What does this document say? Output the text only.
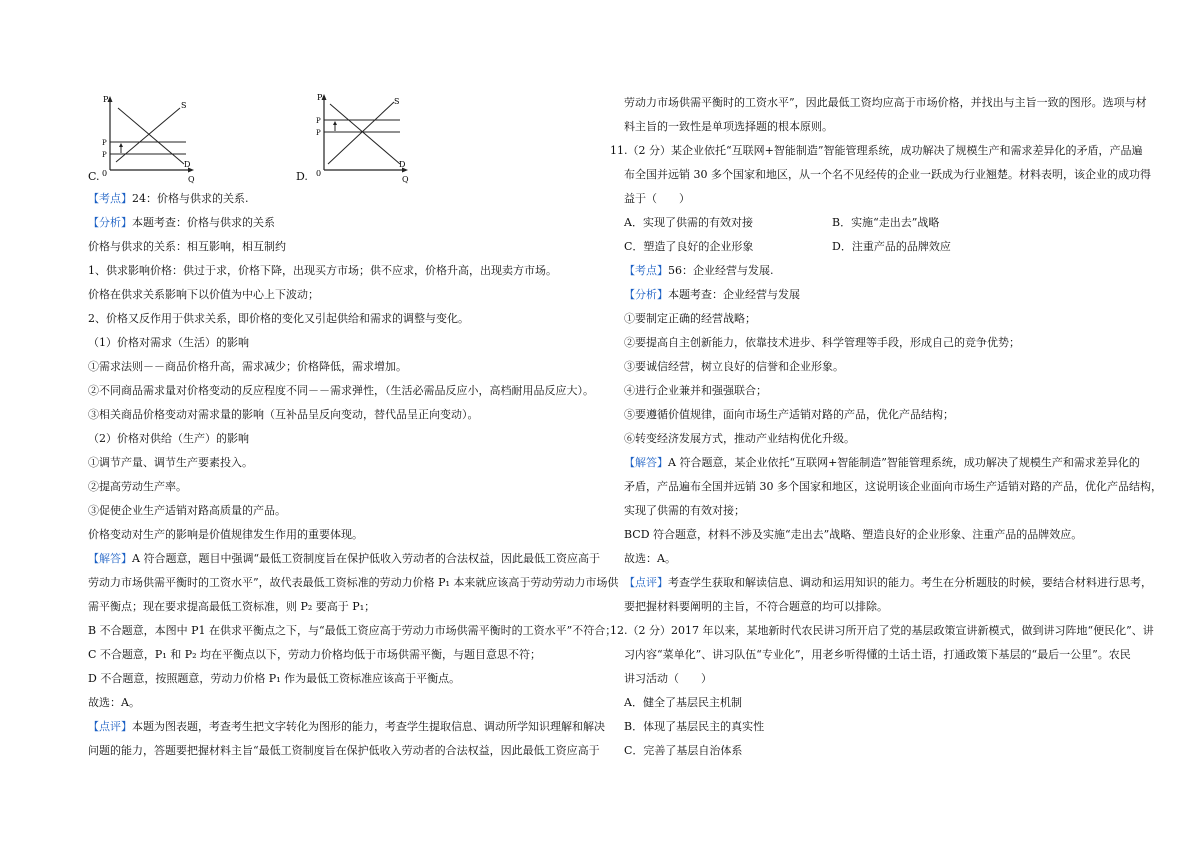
P
Q
0
S
D
P
P
C.
P
Q
0
S
D
P
P
D.
【考点】24：价格与供求的关系.
【分析】本题考查：价格与供求的关系
价格与供求的关系：相互影响，相互制约
1、供求影响价格：供过于求，价格下降，出现买方市场；供不应求，价格升高，出现卖方市场。
价格在供求关系影响下以价值为中心上下波动；
2、价格又反作用于供求关系，即价格的变化又引起供给和需求的调整与变化。
（1）价格对需求（生活）的影响
①需求法则－－商品价格升高，需求减少；价格降低，需求增加。
②不同商品需求量对价格变动的反应程度不同－－需求弹性，（生活必需品反应小，高档耐用品反应大）。
③相关商品价格变动对需求量的影响（互补品呈反向变动，替代品呈正向变动）。
（2）价格对供给（生产）的影响
①调节产量、调节生产要素投入。
②提高劳动生产率。
③促使企业生产适销对路高质量的产品。
价格变动对生产的影响是价值规律发生作用的重要体现。
【解答】A 符合题意，题目中强调“最低工资制度旨在保护低收入劳动者的合法权益，因此最低工资应高于
劳动力市场供需平衡时的工资水平”，故代表最低工资标准的劳动力价格 P₁ 本来就应该高于劳动劳动力市场供
需平衡点；现在要求提高最低工资标准，则 P₂ 要高于 P₁；
B 不合题意，本图中 P1 在供求平衡点之下，与“最低工资应高于劳动力市场供需平衡时的工资水平”不符合；
C 不合题意，P₁ 和 P₂ 均在平衡点以下，劳动力价格均低于市场供需平衡，与题目意思不符；
D 不合题意，按照题意，劳动力价格 P₁ 作为最低工资标准应该高于平衡点。
故选：A。
【点评】本题为图表题，考查考生把文字转化为图形的能力，考查学生提取信息、调动所学知识理解和解决
问题的能力，答题要把握材料主旨“最低工资制度旨在保护低收入劳动者的合法权益，因此最低工资应高于
劳动力市场供需平衡时的工资水平”，因此最低工资均应高于市场价格，并找出与主旨一致的图形。选项与材
料主旨的一致性是单项选择题的根本原则。
11.（2 分）某企业依托“互联网+智能制造”智能管理系统，成功解决了规模生产和需求差异化的矛盾，产品遍
布全国并远销 30 多个国家和地区，从一个名不见经传的企业一跃成为行业翘楚。材料表明，该企业的成功得
益于（　　）
A．实现了供需的有效对接	B．实施“走出去”战略
C．塑造了良好的企业形象	D．注重产品的品牌效应
【考点】56：企业经营与发展.
【分析】本题考查：企业经营与发展
①要制定正确的经营战略；
②要提高自主创新能力，依靠技术进步、科学管理等手段，形成自己的竞争优势；
③要诚信经营，树立良好的信誉和企业形象。
④进行企业兼并和强强联合；
⑤要遵循价值规律，面向市场生产适销对路的产品，优化产品结构；
⑥转变经济发展方式，推动产业结构优化升级。
【解答】A 符合题意，某企业依托“互联网+智能制造”智能管理系统，成功解决了规模生产和需求差异化的
矛盾，产品遍布全国并远销 30 多个国家和地区，这说明该企业面向市场生产适销对路的产品，优化产品结构，
实现了供需的有效对接；
BCD 符合题意，材料不涉及实施“走出去”战略、塑造良好的企业形象、注重产品的品牌效应。
故选：A。
【点评】考查学生获取和解读信息、调动和运用知识的能力。考生在分析题肢的时候，要结合材料进行思考，
要把握材料要阐明的主旨，不符合题意的均可以排除。
12.（2 分）2017 年以来，某地新时代农民讲习所开启了党的基层政策宣讲新模式，做到讲习阵地“便民化”、讲
习内容“菜单化”、讲习队伍“专业化”，用老乡听得懂的土话土语，打通政策下基层的“最后一公里”。农民
讲习活动（　　）
A．健全了基层民主机制
B．体现了基层民主的真实性
C．完善了基层自治体系
